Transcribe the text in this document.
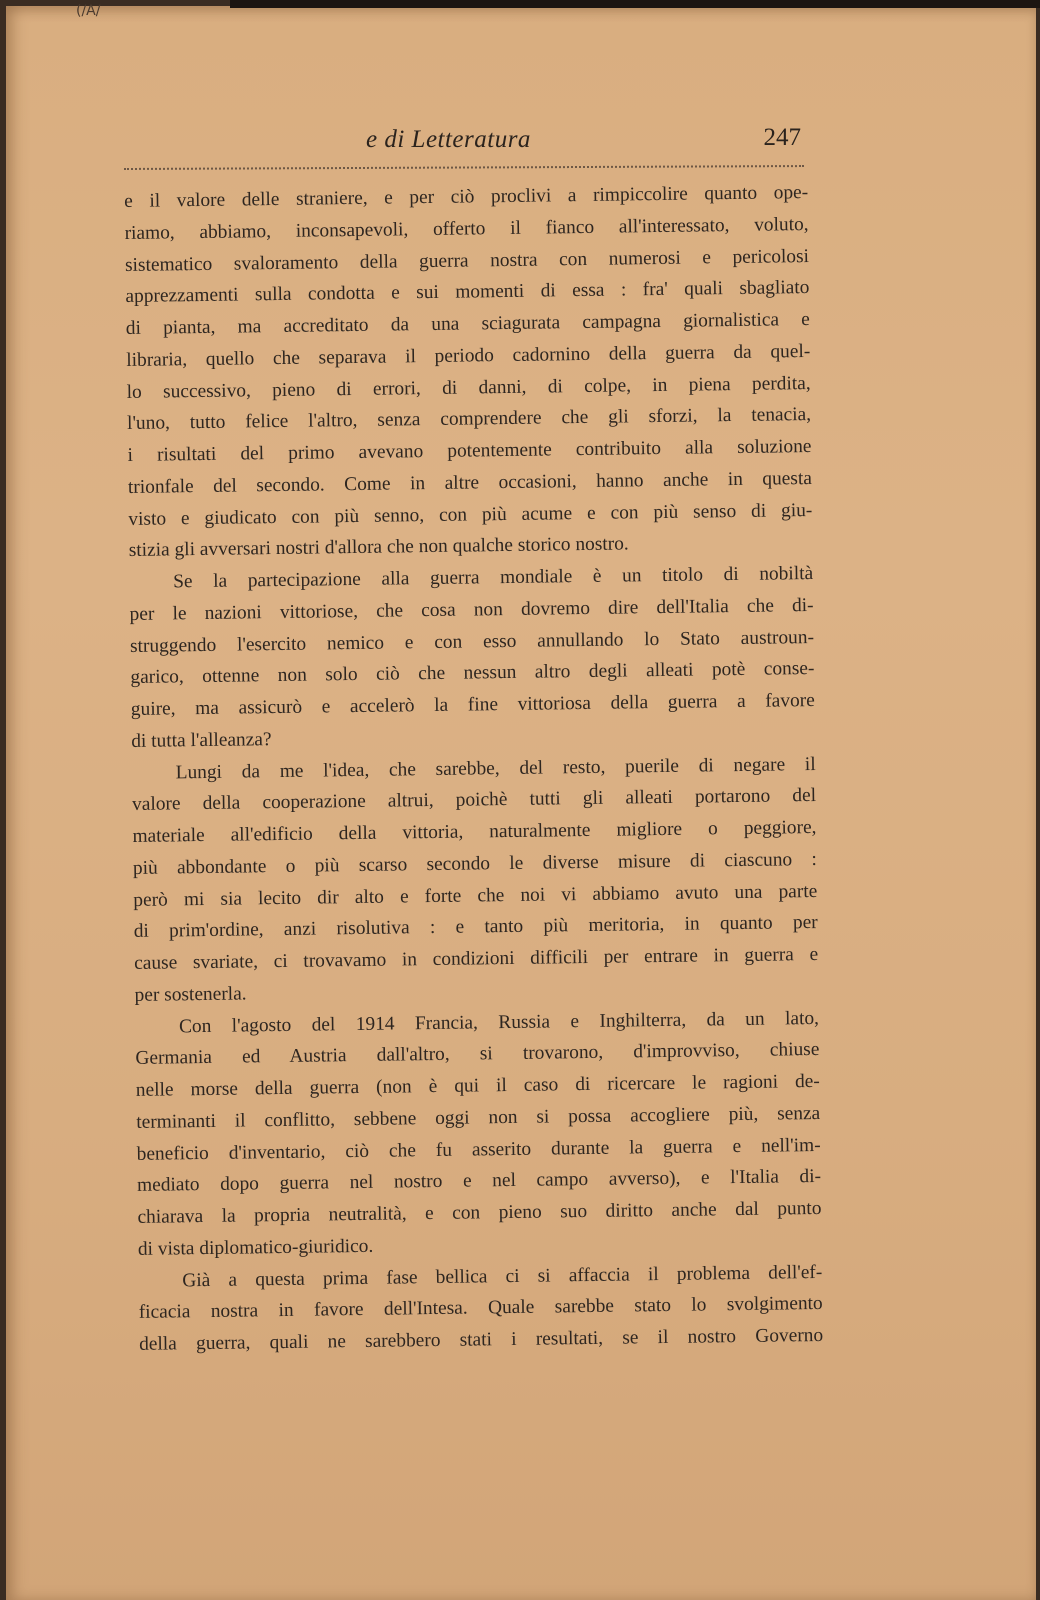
(/A/
e di Letteratura	247
e il valore delle straniere, e per ciò proclivi a rimpiccolire quanto ope-
riamo, abbiamo, inconsapevoli, offerto il fianco all'interessato, voluto,
sistematico svaloramento della guerra nostra con numerosi e pericolosi
apprezzamenti sulla condotta e sui momenti di essa : fra' quali sbagliato
di pianta, ma accreditato da una sciagurata campagna giornalistica e
libraria, quello che separava il periodo cadornino della guerra da quel-
lo successivo, pieno di errori, di danni, di colpe, in piena perdita,
l'uno, tutto felice l'altro, senza comprendere che gli sforzi, la tenacia,
i risultati del primo avevano potentemente contribuito alla soluzione
trionfale del secondo. Come in altre occasioni, hanno anche in questa
visto e giudicato con più senno, con più acume e con più senso di giu-
stizia gli avversari nostri d'allora che non qualche storico nostro.
Se la partecipazione alla guerra mondiale è un titolo di nobiltà
per le nazioni vittoriose, che cosa non dovremo dire dell'Italia che di-
struggendo l'esercito nemico e con esso annullando lo Stato austroun-
garico, ottenne non solo ciò che nessun altro degli alleati potè conse-
guire, ma assicurò e accelerò la fine vittoriosa della guerra a favore
di tutta l'alleanza?
Lungi da me l'idea, che sarebbe, del resto, puerile di negare il
valore della cooperazione altrui, poichè tutti gli alleati portarono del
materiale all'edificio della vittoria, naturalmente migliore o peggiore,
più abbondante o più scarso secondo le diverse misure di ciascuno :
però mi sia lecito dir alto e forte che noi vi abbiamo avuto una parte
di prim'ordine, anzi risolutiva : e tanto più meritoria, in quanto per
cause svariate, ci trovavamo in condizioni difficili per entrare in guerra e
per sostenerla.
Con l'agosto del 1914 Francia, Russia e Inghilterra, da un lato,
Germania ed Austria dall'altro, si trovarono, d'improvviso, chiuse
nelle morse della guerra (non è qui il caso di ricercare le ragioni de-
terminanti il conflitto, sebbene oggi non si possa accogliere più, senza
beneficio d'inventario, ciò che fu asserito durante la guerra e nell'im-
mediato dopo guerra nel nostro e nel campo avverso), e l'Italia di-
chiarava la propria neutralità, e con pieno suo diritto anche dal punto
di vista diplomatico-giuridico.
Già a questa prima fase bellica ci si affaccia il problema dell'ef-
ficacia nostra in favore dell'Intesa. Quale sarebbe stato lo svolgimento
della guerra, quali ne sarebbero stati i resultati, se il nostro Governo
